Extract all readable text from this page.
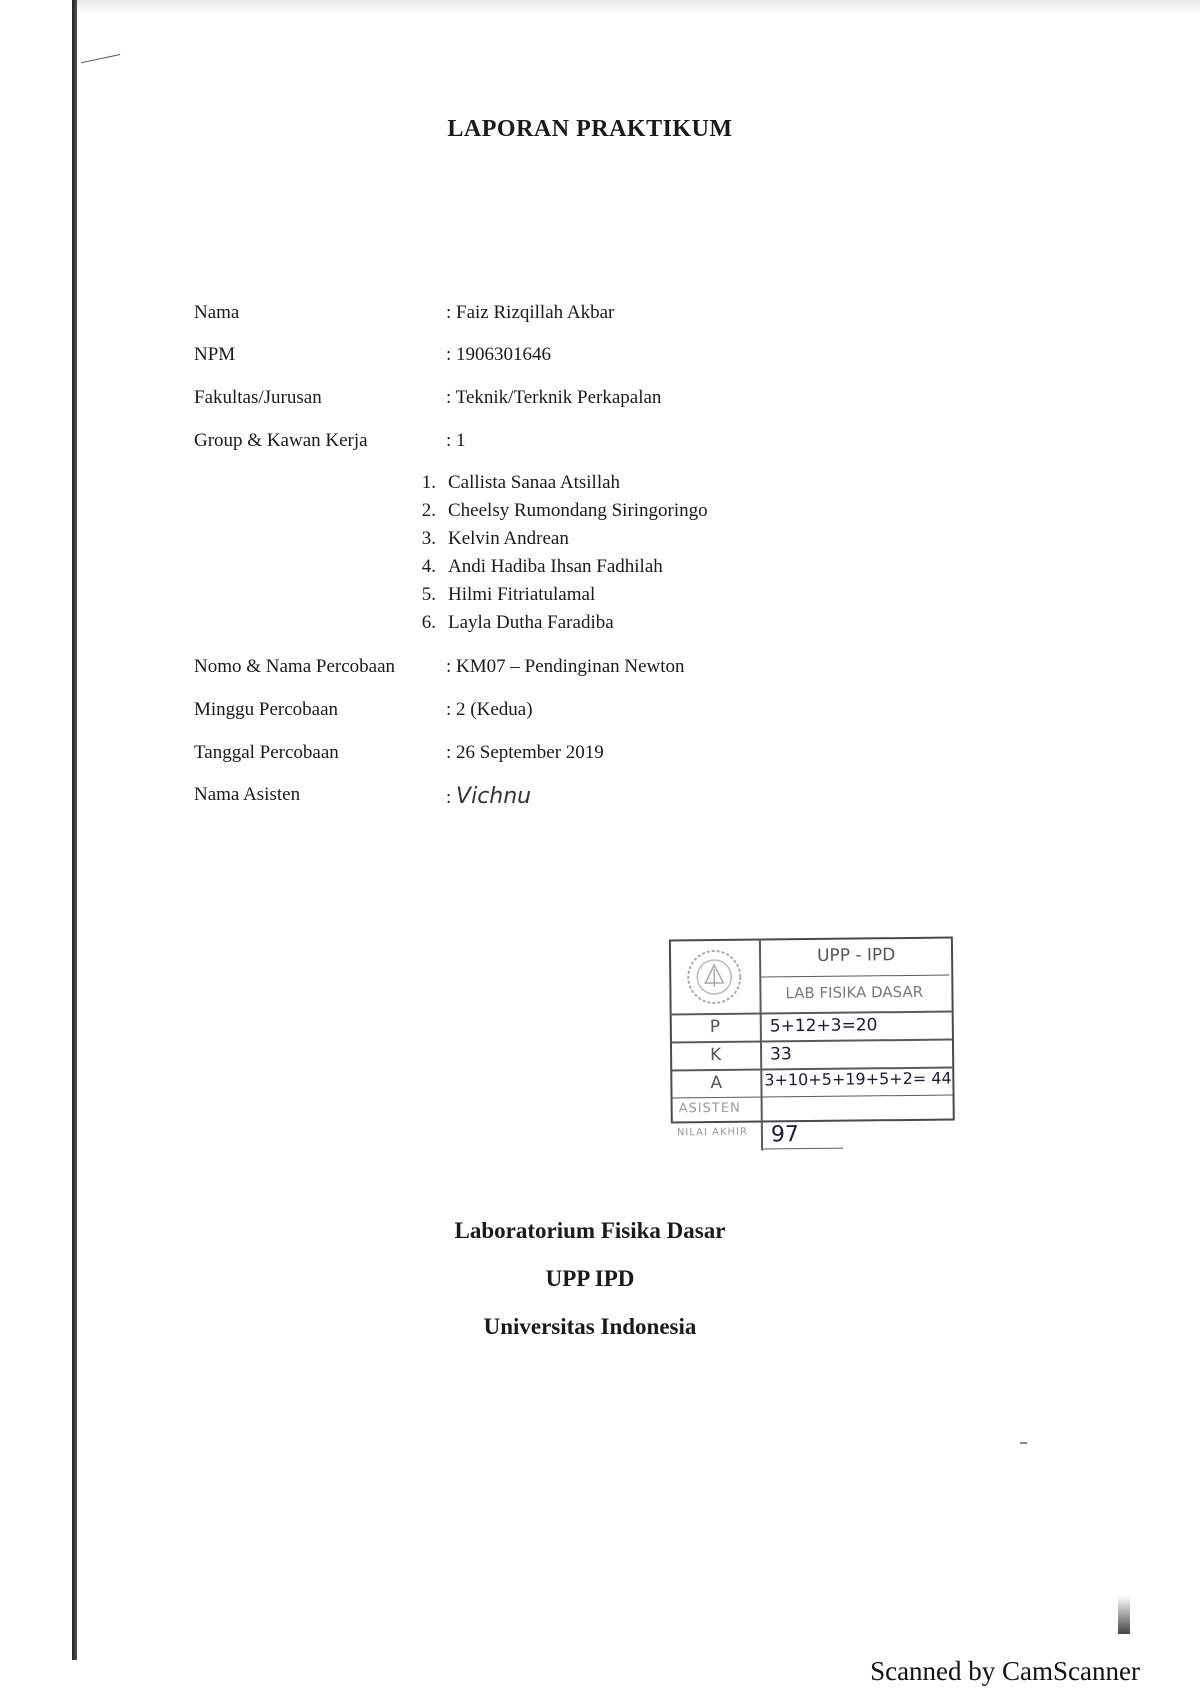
LAPORAN PRAKTIKUM
Nama	: Faiz Rizqillah Akbar
NPM	: 1906301646
Fakultas/Jurusan	: Teknik/Terknik Perkapalan
Group & Kawan Kerja	: 1
1. Callista Sanaa Atsillah
2. Cheelsy Rumondang Siringoringo
3. Kelvin Andrean
4. Andi Hadiba Ihsan Fadhilah
5. Hilmi Fitriatulamal
6. Layla Dutha Faradiba
Nomo & Nama Percobaan	: KM07 – Pendinginan Newton
Minggu Percobaan	: 2 (Kedua)
Tanggal Percobaan	: 26 September 2019
Nama Asisten	: Vichnu
UPP - IPD
LAB FISIKA DASAR
P	5+12+3=20
K	33
A	3+10+5+19+5+2= 44
ASISTEN
NILAI AKHIR 97
Laboratorium Fisika Dasar
UPP IPD
Universitas Indonesia
Scanned by CamScanner
